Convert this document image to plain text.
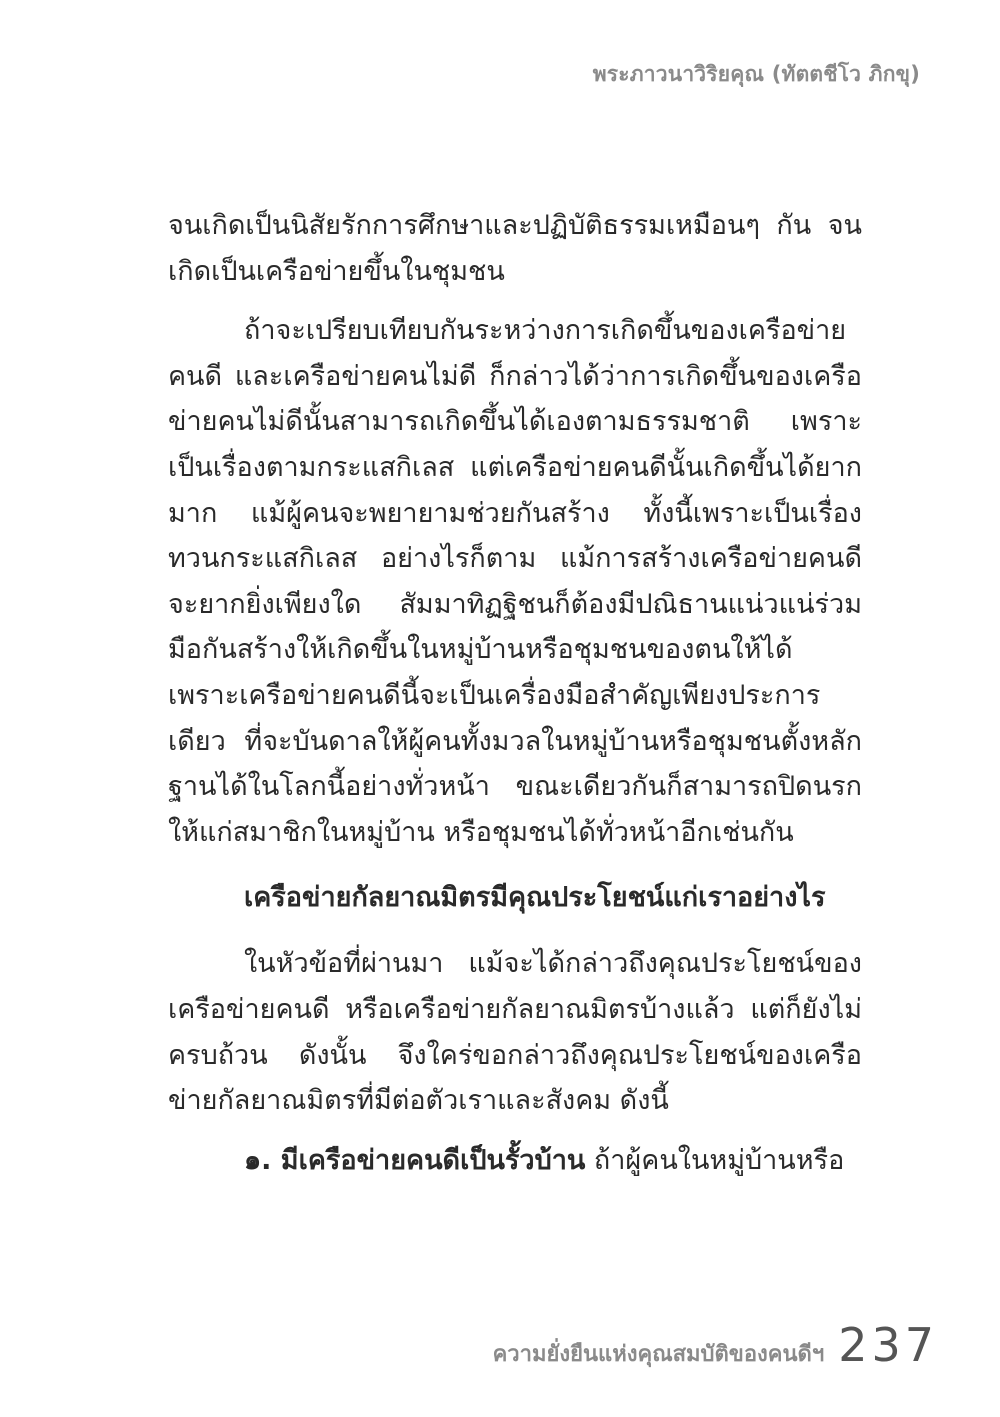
พระภาวนาวิริยคุณ (ทัตตชีโว ภิกขุ)

จนเกิดเป็นนิสัยรักการศึกษาและปฏิบัติธรรมเหมือนๆ กัน จนเกิดเป็นเครือข่ายขึ้นในชุมชน

ถ้าจะเปรียบเทียบกันระหว่างการเกิดขึ้นของเครือข่ายคนดี และเครือข่ายคนไม่ดี ก็กล่าวได้ว่าการเกิดขึ้นของเครือข่ายคนไม่ดีนั้นสามารถเกิดขึ้นได้เองตามธรรมชาติ เพราะเป็นเรื่องตามกระแสกิเลส แต่เครือข่ายคนดีนั้นเกิดขึ้นได้ยากมาก แม้ผู้คนจะพยายามช่วยกันสร้าง ทั้งนี้เพราะเป็นเรื่องทวนกระแสกิเลส อย่างไรก็ตาม แม้การสร้างเครือข่ายคนดีจะยากยิ่งเพียงใด สัมมาทิฏฐิชนก็ต้องมีปณิธานแน่วแน่ร่วมมือกันสร้างให้เกิดขึ้นในหมู่บ้านหรือชุมชนของตนให้ได้ เพราะเครือข่ายคนดีนี้จะเป็นเครื่องมือสำคัญเพียงประการเดียว ที่จะบันดาลให้ผู้คนทั้งมวลในหมู่บ้านหรือชุมชนตั้งหลักฐานได้ในโลกนี้อย่างทั่วหน้า ขณะเดียวกันก็สามารถปิดนรกให้แก่สมาชิกในหมู่บ้าน หรือชุมชนได้ทั่วหน้าอีกเช่นกัน

เครือข่ายกัลยาณมิตรมีคุณประโยชน์แก่เราอย่างไร

ในหัวข้อที่ผ่านมา แม้จะได้กล่าวถึงคุณประโยชน์ของเครือข่ายคนดี หรือเครือข่ายกัลยาณมิตรบ้างแล้ว แต่ก็ยังไม่ครบถ้วน ดังนั้น จึงใคร่ขอกล่าวถึงคุณประโยชน์ของเครือข่ายกัลยาณมิตรที่มีต่อตัวเราและสังคม ดังนี้

๑. มีเครือข่ายคนดีเป็นรั้วบ้าน ถ้าผู้คนในหมู่บ้านหรือ

ความยั่งยืนแห่งคุณสมบัติของคนดีฯ 237
